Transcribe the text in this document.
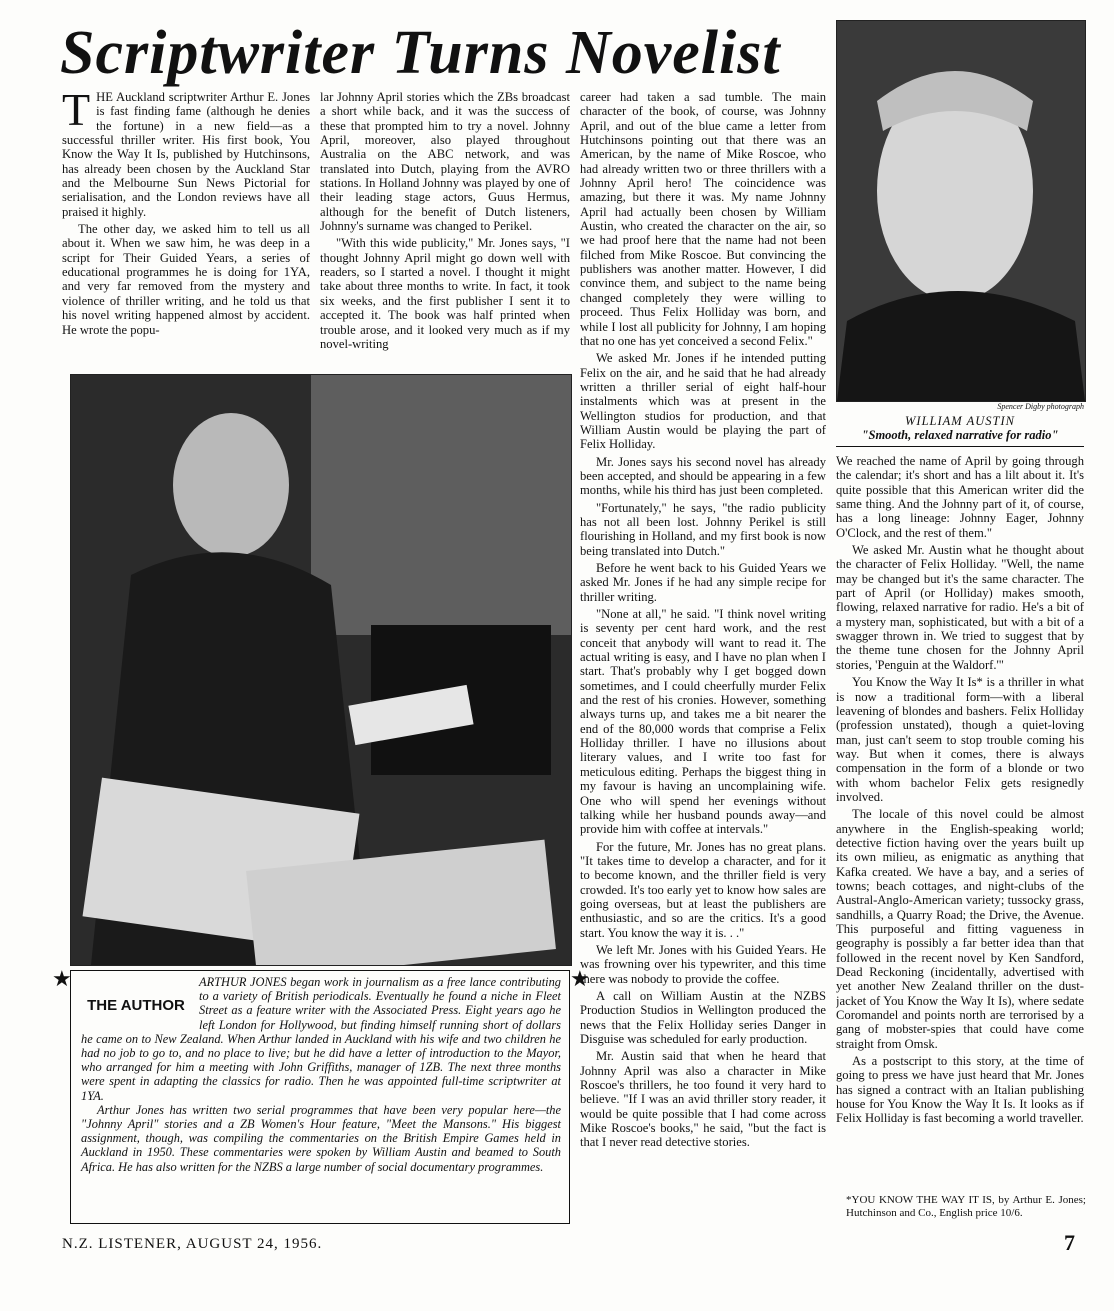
Scriptwriter Turns Novelist

THE Auckland scriptwriter Arthur E. Jones is fast finding fame (although he denies the fortune) in a new field—as a successful thriller writer. His first book, You Know the Way It Is, published by Hutchinsons, has already been chosen by the Auckland Star and the Melbourne Sun News Pictorial for serialisation, and the London reviews have all praised it highly.

The other day, we asked him to tell us all about it. When we saw him, he was deep in a script for Their Guided Years, a series of educational programmes he is doing for 1YA, and very far removed from the mystery and violence of thriller writing, and he told us that his novel writing happened almost by accident. He wrote the popu-

lar Johnny April stories which the ZBs broadcast a short while back, and it was the success of these that prompted him to try a novel. Johnny April, moreover, also played throughout Australia on the ABC network, and was translated into Dutch, playing from the AVRO stations. In Holland Johnny was played by one of their leading stage actors, Guus Hermus, although for the benefit of Dutch listeners, Johnny's surname was changed to Perikel.

"With this wide publicity," Mr. Jones says, "I thought Johnny April might go down well with readers, so I started a novel. I thought it might take about three months to write. In fact, it took six weeks, and the first publisher I sent it to accepted it. The book was half printed when trouble arose, and it looked very much as if my novel-writing

career had taken a sad tumble. The main character of the book, of course, was Johnny April, and out of the blue came a letter from Hutchinsons pointing out that there was an American, by the name of Mike Roscoe, who had already written two or three thrillers with a Johnny April hero! The coincidence was amazing, but there it was. My name Johnny April had actually been chosen by William Austin, who created the character on the air, so we had proof here that the name had not been filched from Mike Roscoe. But convincing the publishers was another matter. However, I did convince them, and subject to the name being changed completely they were willing to proceed. Thus Felix Holliday was born, and while I lost all publicity for Johnny, I am hoping that no one has yet conceived a second Felix."

We asked Mr. Jones if he intended putting Felix on the air, and he said that he had already written a thriller serial of eight half-hour instalments which was at present in the Wellington studios for production, and that William Austin would be playing the part of Felix Holliday.

Mr. Jones says his second novel has already been accepted, and should be appearing in a few months, while his third has just been completed.

"Fortunately," he says, "the radio publicity has not all been lost. Johnny Perikel is still flourishing in Holland, and my first book is now being translated into Dutch."

Before he went back to his Guided Years we asked Mr. Jones if he had any simple recipe for thriller writing.

"None at all," he said. "I think novel writing is seventy per cent hard work, and the rest conceit that anybody will want to read it. The actual writing is easy, and I have no plan when I start. That's probably why I get bogged down sometimes, and I could cheerfully murder Felix and the rest of his cronies. However, something always turns up, and takes me a bit nearer the end of the 80,000 words that comprise a Felix Holliday thriller. I have no illusions about literary values, and I write too fast for meticulous editing. Perhaps the biggest thing in my favour is having an uncomplaining wife. One who will spend her evenings without talking while her husband pounds away—and provide him with coffee at intervals."

For the future, Mr. Jones has no great plans. "It takes time to develop a character, and for it to become known, and the thriller field is very crowded. It's too early yet to know how sales are going overseas, but at least the publishers are enthusiastic, and so are the critics. It's a good start. You know the way it is. . ."

We left Mr. Jones with his Guided Years. He was frowning over his typewriter, and this time there was nobody to provide the coffee.

A call on William Austin at the NZBS Production Studios in Wellington produced the news that the Felix Holliday series Danger in Disguise was scheduled for early production.

Mr. Austin said that when he heard that Johnny April was also a character in Mike Roscoe's thrillers, he too found it very hard to believe. "If I was an avid thriller story reader, it would be quite possible that I had come across Mike Roscoe's books," he said, "but the fact is that I never read detective stories.

Spencer Digby photograph
WILLIAM AUSTIN
"Smooth, relaxed narrative for radio"

We reached the name of April by going through the calendar; it's short and has a lilt about it. It's quite possible that this American writer did the same thing. And the Johnny part of it, of course, has a long lineage: Johnny Eager, Johnny O'Clock, and the rest of them."

We asked Mr. Austin what he thought about the character of Felix Holliday. "Well, the name may be changed but it's the same character. The part of April (or Holliday) makes smooth, flowing, relaxed narrative for radio. He's a bit of a mystery man, sophisticated, but with a bit of a swagger thrown in. We tried to suggest that by the theme tune chosen for the Johnny April stories, 'Penguin at the Waldorf.'"

You Know the Way It Is* is a thriller in what is now a traditional form—with a liberal leavening of blondes and bashers. Felix Holliday (profession unstated), though a quiet-loving man, just can't seem to stop trouble coming his way. But when it comes, there is always compensation in the form of a blonde or two with whom bachelor Felix gets resignedly involved.

The locale of this novel could be almost anywhere in the English-speaking world; detective fiction having over the years built up its own milieu, as enigmatic as anything that Kafka created. We have a bay, and a series of towns; beach cottages, and night-clubs of the Austral-Anglo-American variety; tussocky grass, sandhills, a Quarry Road; the Drive, the Avenue. This purposeful and fitting vagueness in geography is possibly a far better idea than that followed in the recent novel by Ken Sandford, Dead Reckoning (incidentally, advertised with yet another New Zealand thriller on the dust-jacket of You Know the Way It Is), where sedate Coromandel and points north are terrorised by a gang of mobster-spies that could have come straight from Omsk.

As a postscript to this story, at the time of going to press we have just heard that Mr. Jones has signed a contract with an Italian publishing house for You Know the Way It Is. It looks as if Felix Holliday is fast becoming a world traveller.

★	★
THE AUTHOR

ARTHUR JONES began work in journalism as a free lance contributing to a variety of British periodicals. Eventually he found a niche in Fleet Street as a feature writer with the Associated Press. Eight years ago he left London for Hollywood, but finding himself running short of dollars he came on to New Zealand. When Arthur landed in Auckland with his wife and two children he had no job to go to, and no place to live; but he did have a letter of introduction to the Mayor, who arranged for him a meeting with John Griffiths, manager of 1ZB. The next three months were spent in adapting the classics for radio. Then he was appointed full-time scriptwriter at 1YA.

Arthur Jones has written two serial programmes that have been very popular here—the "Johnny April" stories and a ZB Women's Hour feature, "Meet the Mansons." His biggest assignment, though, was compiling the commentaries on the British Empire Games held in Auckland in 1950. These commentaries were spoken by William Austin and beamed to South Africa. He has also written for the NZBS a large number of social documentary programmes.

*YOU KNOW THE WAY IT IS, by Arthur E. Jones; Hutchinson and Co., English price 10/6.
N.Z. LISTENER, AUGUST 24, 1956.	7
